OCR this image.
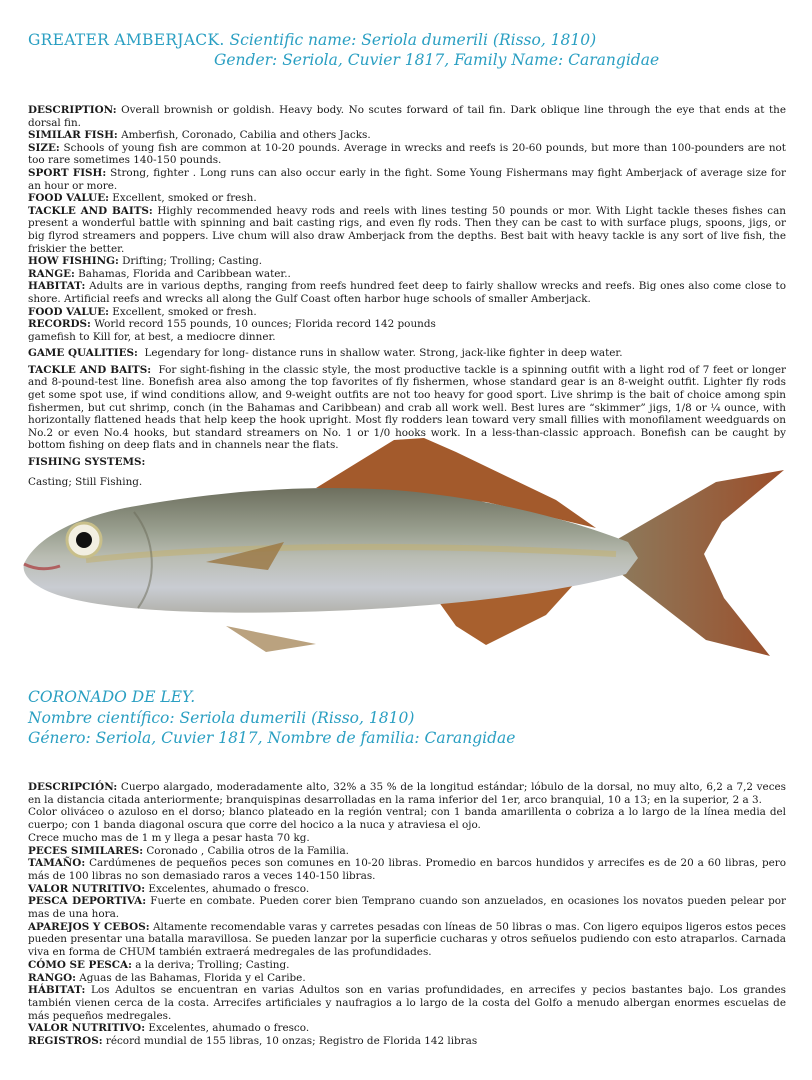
GREATER AMBERJACK. Scientific name: Seriola dumerili (Risso, 1810)
Gender: Seriola, Cuvier 1817, Family Name: Carangidae

DESCRIPTION: Overall brownish or goldish. Heavy body. No scutes forward of tail fin. Dark oblique line through the eye that ends at the dorsal fin.

SIMILAR FISH: Amberfish, Coronado, Cabilia and others Jacks.

SIZE: Schools of young fish are common at 10-20 pounds. Average in wrecks and reefs is 20-60 pounds, but more than 100-pounders are not too rare sometimes 140-150 pounds.

SPORT FISH: Strong, fighter . Long runs can also occur early in the fight. Some Young Fishermans may fight Amberjack of average size for an hour or more.

FOOD VALUE: Excellent, smoked or fresh.

TACKLE AND BAITS: Highly recommended heavy rods and reels with lines testing 50 pounds or mor. With Light tackle theses fishes can present a wonderful battle with spinning and bait casting rigs, and even fly rods. Then they can be cast to with surface plugs, spoons, jigs, or big flyrod streamers and poppers. Live chum will also draw Amberjack from the depths. Best bait with heavy tackle is any sort of live fish, the friskier the better.

HOW FISHING: Drifting; Trolling; Casting.

RANGE: Bahamas, Florida and Caribbean water..

HABITAT: Adults are in various depths, ranging from reefs hundred feet deep to fairly shallow wrecks and reefs. Big ones also come close to shore. Artificial reefs and wrecks all along the Gulf Coast often harbor huge schools of smaller Amberjack.

FOOD VALUE: Excellent, smoked or fresh.

RECORDS: World record 155 pounds, 10 ounces; Florida record 142 pounds

gamefish to Kill for, at best, a mediocre dinner.

GAME QUALITIES: Legendary for long- distance runs in shallow water. Strong, jack-like fighter in deep water.

TACKLE AND BAITS: For sight-fishing in the classic style, the most productive tackle is a spinning outfit with a light rod of 7 feet or longer and 8-pound-test line. Bonefish area also among the top favorites of fly fishermen, whose standard gear is an 8-weight outfit. Lighter fly rods get some spot use, if wind conditions allow, and 9-weight outfits are not too heavy for good sport. Live shrimp is the bait of choice among spin fishermen, but cut shrimp, conch (in the Bahamas and Caribbean) and crab all work well. Best lures are “skimmer” jigs, 1/8 or ¼ ounce, with horizontally flattened heads that help keep the hook upright. Most fly rodders lean toward very small fillies with monofilament weedguards on No.2 or even No.4 hooks, but standard streamers on No. 1 or 1/0 hooks work. In a less-than-classic approach. Bonefish can be caught by bottom fishing on deep flats and in channels near the flats.

FISHING SYSTEMS:

Casting; Still Fishing.

CORONADO DE LEY.
Nombre científico: Seriola dumerili (Risso, 1810)
Género: Seriola, Cuvier 1817, Nombre de familia: Carangidae

DESCRIPCIÓN: Cuerpo alargado, moderadamente alto, 32% a 35 % de la longitud estándar; lóbulo de la dorsal, no muy alto, 6,2 a 7,2 veces en la distancia citada anteriormente; branquispinas desarrolladas en la rama inferior del 1er, arco branquial, 10 a 13; en la superior, 2 a 3.

Color oliváceo o azuloso en el dorso; blanco plateado en la región ventral; con 1 banda amarillenta o cobriza a lo largo de la línea media del cuerpo; con 1 banda diagonal oscura que corre del hocico a la nuca y atraviesa el ojo.

Crece mucho mas de 1 m y llega a pesar hasta 70 kg.

PECES SIMILARES: Coronado , Cabilia otros de la Familia.

TAMAÑO: Cardúmenes de pequeños peces son comunes en 10-20 libras. Promedio en barcos hundidos y arrecifes es de 20 a 60 libras, pero más de 100 libras no son demasiado raros a veces 140-150 libras.

VALOR NUTRITIVO: Excelentes, ahumado o fresco.

PESCA DEPORTIVA: Fuerte en combate. Pueden corer bien Temprano cuando son anzuelados, en ocasiones los novatos pueden pelear por mas de una hora.

APAREJOS Y CEBOS: Altamente recomendable varas y carretes pesadas con líneas de 50 libras o mas. Con ligero equipos ligeros estos peces pueden presentar una batalla maravillosa. Se pueden lanzar por la superficie cucharas y otros señuelos pudiendo con esto atraparlos. Carnada viva en forma de CHUM también extraerá medregales de las profundidades.

CÓMO SE PESCA: a la deriva; Trolling; Casting.

RANGO: Aguas de las Bahamas, Florida y el Caribe.

HÁBITAT: Los Adultos se encuentran en varias Adultos son en varias profundidades, en arrecifes y pecios bastantes bajo. Los grandes también vienen cerca de la costa. Arrecifes artificiales y naufragios a lo largo de la costa del Golfo a menudo albergan enormes escuelas de más pequeños medregales.

VALOR NUTRITIVO: Excelentes, ahumado o fresco.

REGISTROS: récord mundial de 155 libras, 10 onzas; Registro de Florida 142 libras
